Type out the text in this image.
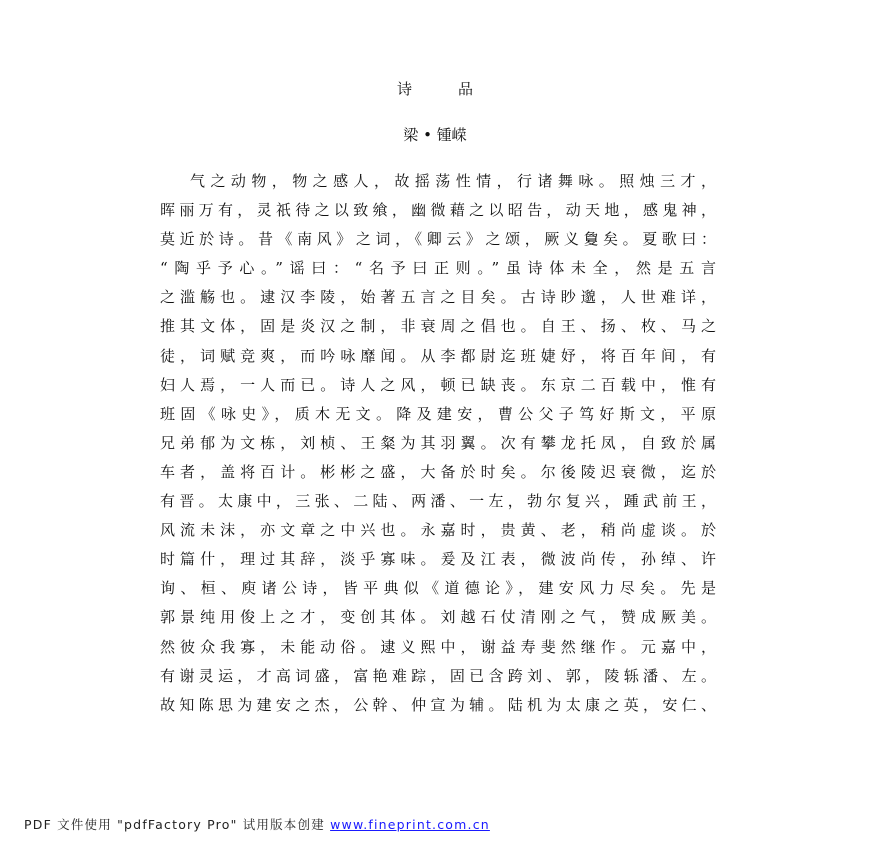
诗	品
梁 • 锺嵘
气之动物，物之感人，故摇荡性情，行诸舞咏。照烛三才，
晖丽万有，灵祇待之以致飨，幽微藉之以昭告，动天地，感鬼神，
莫近於诗。昔《南风》之词，《卿云》之颂，厥义敻矣。夏歌曰：
“陶乎予心。”谣曰：“名予曰正则。”虽诗体未全，然是五言
之滥觞也。逮汉李陵，始著五言之目矣。古诗眇邈，人世难详，
推其文体，固是炎汉之制，非衰周之倡也。自王、扬、枚、马之
徒，词赋竞爽，而吟咏靡闻。从李都尉迄班婕妤，将百年间，有
妇人焉，一人而已。诗人之风，顿已缺丧。东京二百载中，惟有
班固《咏史》，质木无文。降及建安，曹公父子笃好斯文，平原
兄弟郁为文栋，刘桢、王粲为其羽翼。次有攀龙托凤，自致於属
车者，盖将百计。彬彬之盛，大备於时矣。尔後陵迟衰微，迄於
有晋。太康中，三张、二陆、两潘、一左，勃尔复兴，踵武前王，
风流未沫，亦文章之中兴也。永嘉时，贵黄、老，稍尚虚谈。於
时篇什，理过其辞，淡乎寡味。爰及江表，微波尚传，孙绰、许
询、桓、庾诸公诗，皆平典似《道德论》，建安风力尽矣。先是
郭景纯用俊上之才，变创其体。刘越石仗清刚之气，赞成厥美。
然彼众我寡，未能动俗。逮义熙中，谢益寿斐然继作。元嘉中，
有谢灵运，才高词盛，富艳难踪，固已含跨刘、郭，陵轹潘、左。
故知陈思为建安之杰，公幹、仲宣为辅。陆机为太康之英，安仁、
PDF 文件使用 "pdfFactory Pro" 试用版本创建 www.fineprint.com.cn
